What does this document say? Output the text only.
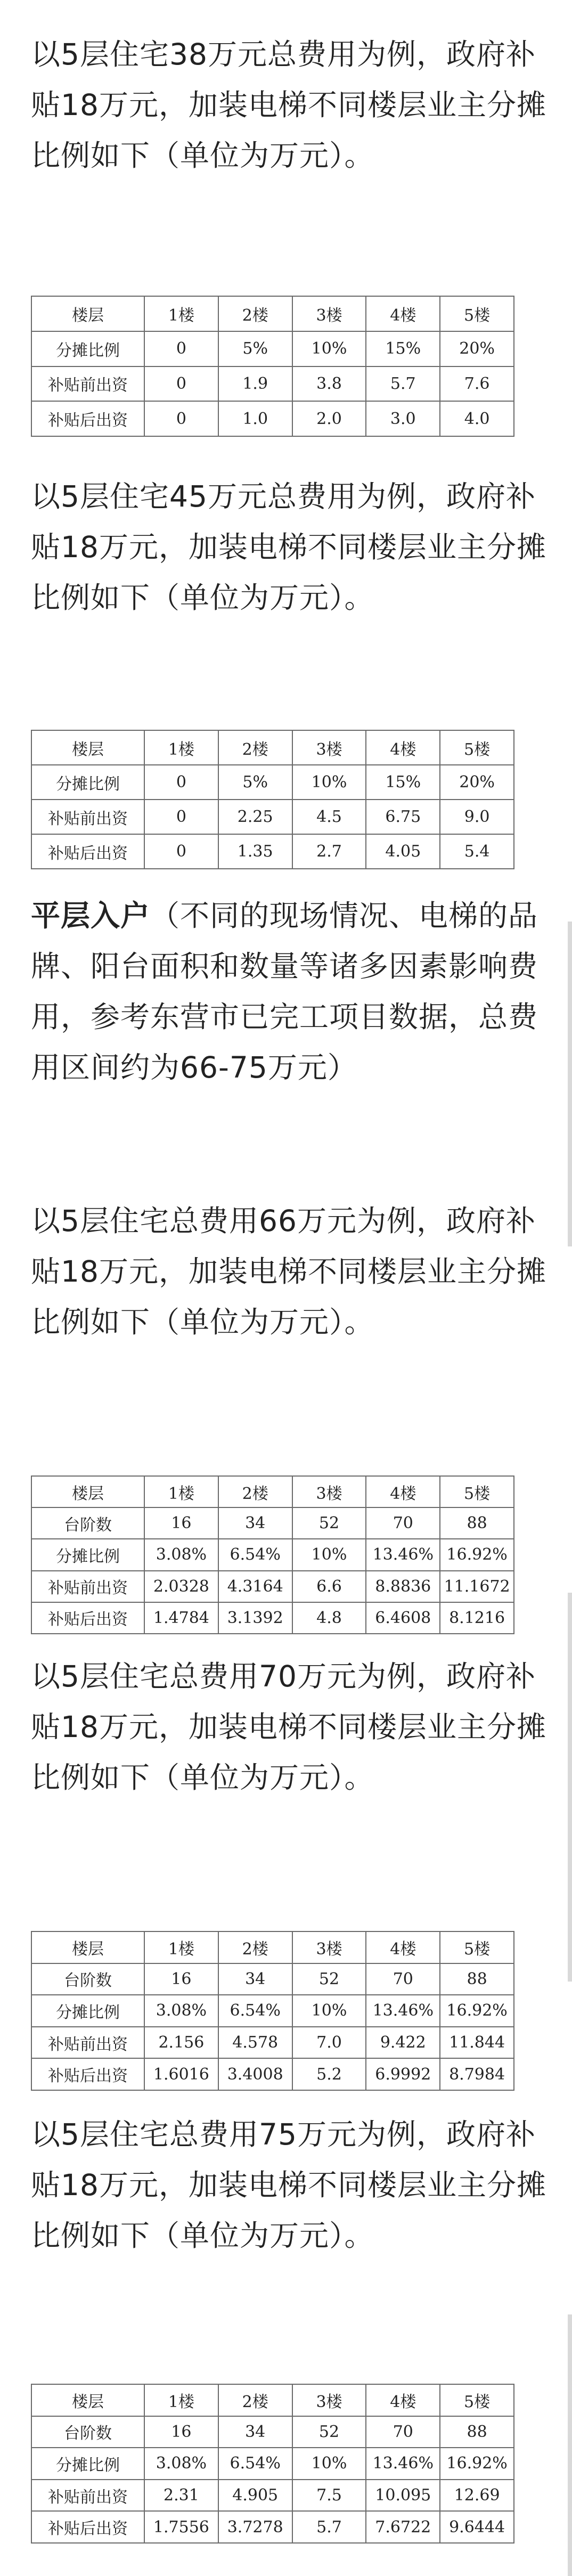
以5层住宅38万元总费用为例，政府补贴18万元，加装电梯不同楼层业主分摊比例如下（单位为万元）。
楼层	1楼	2楼	3楼	4楼	5楼
分摊比例	0	5%	10%	15%	20%
补贴前出资	0	1.9	3.8	5.7	7.6
补贴后出资	0	1.0	2.0	3.0	4.0
以5层住宅45万元总费用为例，政府补贴18万元，加装电梯不同楼层业主分摊比例如下（单位为万元）。
楼层	1楼	2楼	3楼	4楼	5楼
分摊比例	0	5%	10%	15%	20%
补贴前出资	0	2.25	4.5	6.75	9.0
补贴后出资	0	1.35	2.7	4.05	5.4
平层入户（不同的现场情况、电梯的品牌、阳台面积和数量等诸多因素影响费用，参考东营市已完工项目数据，总费用区间约为66-75万元）
以5层住宅总费用66万元为例，政府补贴18万元，加装电梯不同楼层业主分摊比例如下（单位为万元）。
楼层	1楼	2楼	3楼	4楼	5楼
台阶数	16	34	52	70	88
分摊比例	3.08%	6.54%	10%	13.46%	16.92%
补贴前出资	2.0328	4.3164	6.6	8.8836	11.1672
补贴后出资	1.4784	3.1392	4.8	6.4608	8.1216
以5层住宅总费用70万元为例，政府补贴18万元，加装电梯不同楼层业主分摊比例如下（单位为万元）。
楼层	1楼	2楼	3楼	4楼	5楼
台阶数	16	34	52	70	88
分摊比例	3.08%	6.54%	10%	13.46%	16.92%
补贴前出资	2.156	4.578	7.0	9.422	11.844
补贴后出资	1.6016	3.4008	5.2	6.9992	8.7984
以5层住宅总费用75万元为例，政府补贴18万元，加装电梯不同楼层业主分摊比例如下（单位为万元）。
楼层	1楼	2楼	3楼	4楼	5楼
台阶数	16	34	52	70	88
分摊比例	3.08%	6.54%	10%	13.46%	16.92%
补贴前出资	2.31	4.905	7.5	10.095	12.69
补贴后出资	1.7556	3.7278	5.7	7.6722	9.6444
